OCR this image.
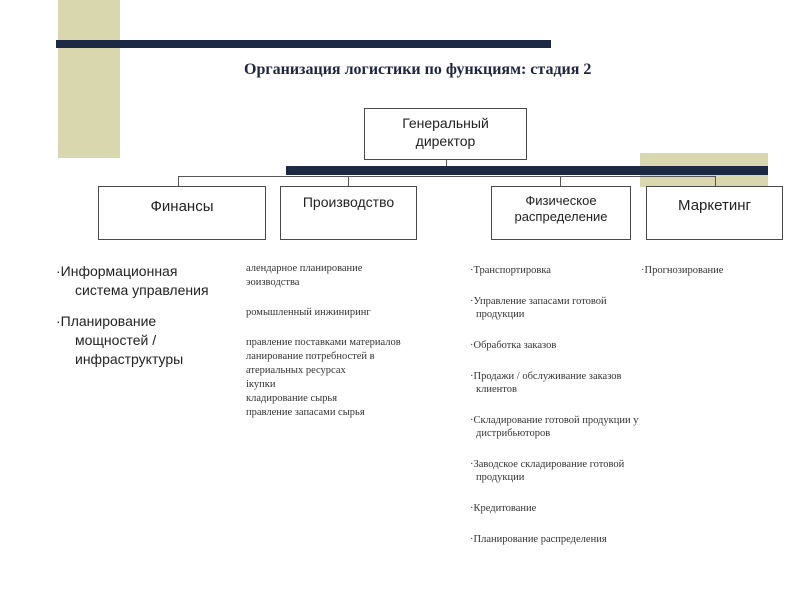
Организация логистики по функциям: стадия 2
Генеральный
директор
Финансы	Производство	Физическое
распределение
Маркетинг
·Информационная
система управления
·Планирование
мощностей /
инфраструктуры
алендарное планирование
эоизводства
ромышленный инжиниринг
правление поставками материалов
ланирование потребностей в
атериальных ресурсах
ікупки
кладирование сырья
правление запасами сырья
·Транспортировка
·Управление запасами готовой
продукции
·Обработка заказов
·Продажи / обслуживание заказов
клиентов
·Складирование готовой продукции у
дистрибьюторов
·Заводское складирование готовой
продукции
·Кредитование
·Планирование распределения
·Прогнозирование
